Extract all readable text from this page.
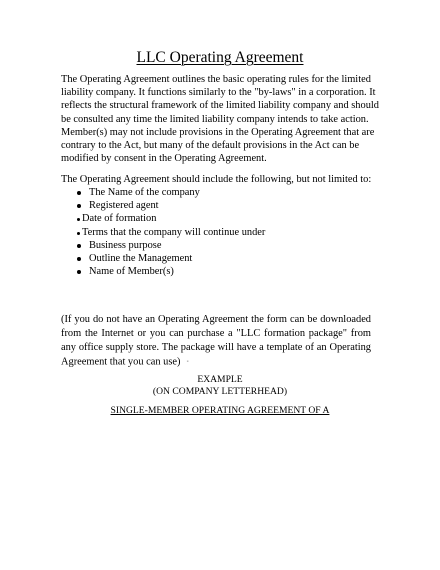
LLC Operating Agreement

The Operating Agreement outlines the basic operating rules for the limited liability company. It functions similarly to the "by-laws" in a corporation. It reflects the structural framework of the limited liability company and should be consulted any time the limited liability company intends to take action. Member(s) may not include provisions in the Operating Agreement that are contrary to the Act, but many of the default provisions in the Act can be modified by consent in the Operating Agreement.

The Operating Agreement should include the following, but not limited to:

The Name of the company
Registered agent
Date of formation
Terms that the company will continue under
Business purpose
Outline the Management
Name of Member(s)

(If you do not have an Operating Agreement the form can be downloaded from the Internet or you can purchase a "LLC formation package" from any office supply store. The package will have a template of an Operating Agreement that you can use) ▪

EXAMPLE

(ON COMPANY LETTERHEAD)

SINGLE-MEMBER OPERATING AGREEMENT OF A
